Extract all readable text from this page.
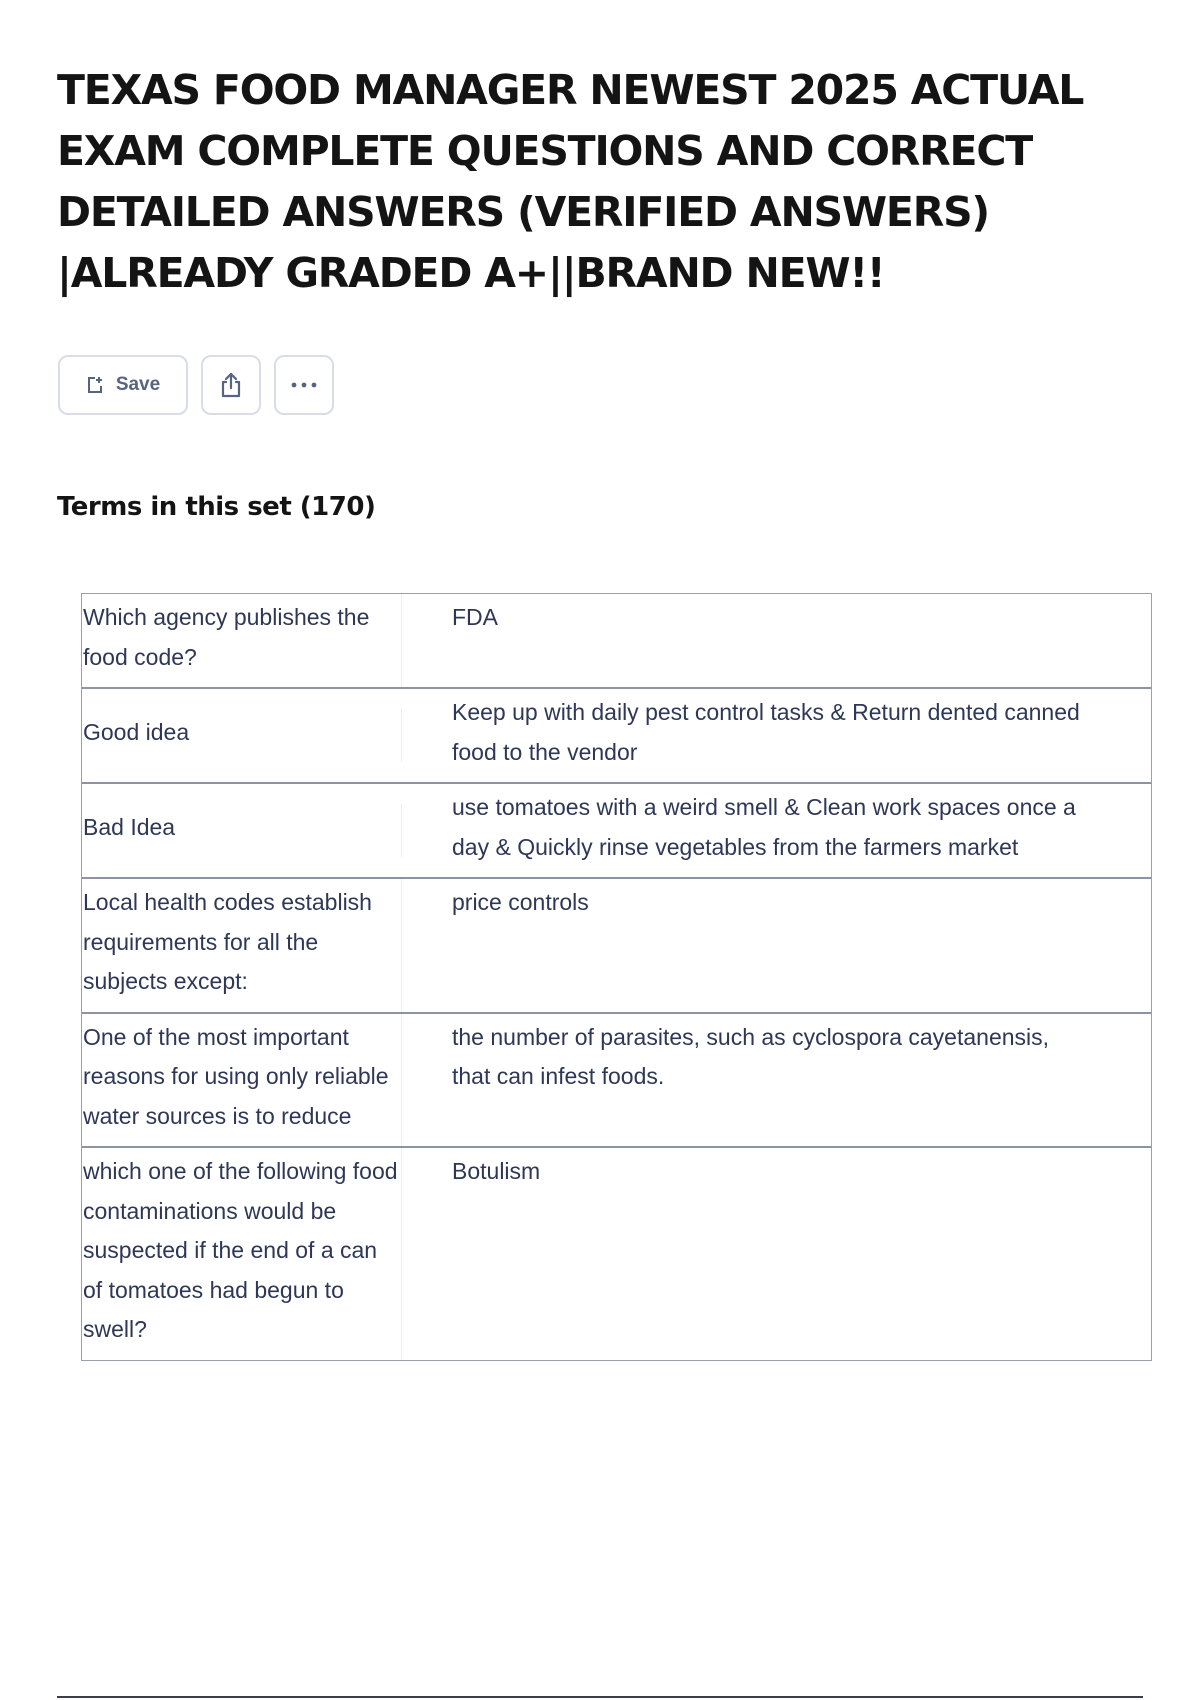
TEXAS FOOD MANAGER NEWEST 2025 ACTUAL EXAM COMPLETE QUESTIONS AND CORRECT DETAILED ANSWERS (VERIFIED ANSWERS) |ALREADY GRADED A+||BRAND NEW!!
Save
Terms in this set (170)
Which agency publishes the food code?
FDA
Good idea
Keep up with daily pest control tasks & Return dented canned food to the vendor
Bad Idea
use tomatoes with a weird smell & Clean work spaces once a day & Quickly rinse vegetables from the farmers market
Local health codes establish requirements for all the subjects except:
price controls
One of the most important reasons for using only reliable water sources is to reduce
the number of parasites, such as cyclospora cayetanensis, that can infest foods.
which one of the following food contaminations would be suspected if the end of a can of tomatoes had begun to swell?
Botulism
